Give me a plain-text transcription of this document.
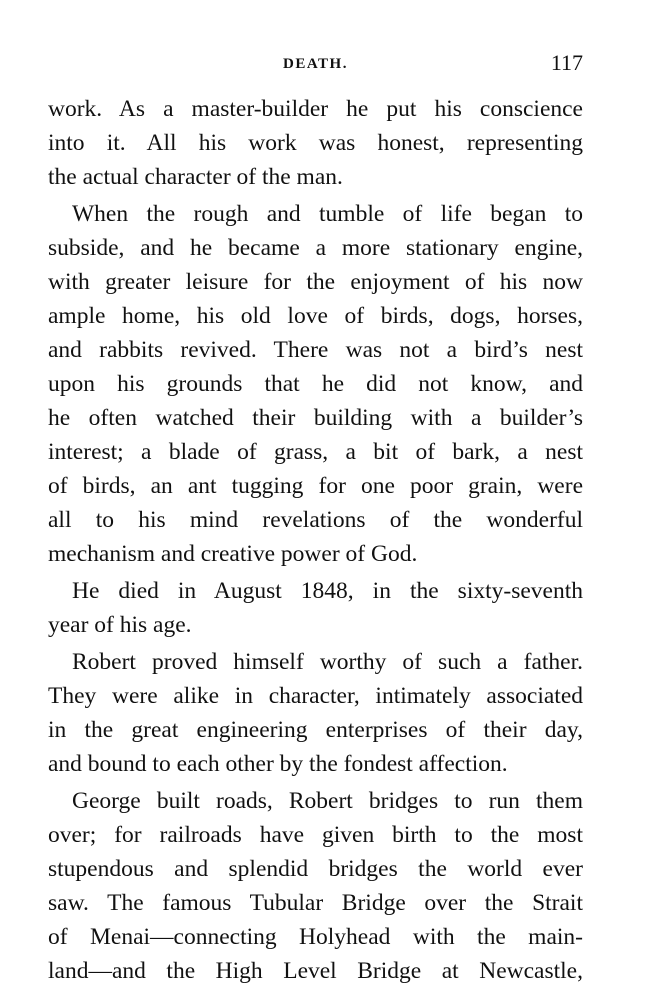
DEATH.	117
work. As a master-builder he put his conscience
into it. All his work was honest, representing
the actual character of the man.
When the rough and tumble of life began to
subside, and he became a more stationary engine,
with greater leisure for the enjoyment of his now
ample home, his old love of birds, dogs, horses,
and rabbits revived. There was not a bird’s nest
upon his grounds that he did not know, and
he often watched their building with a builder’s
interest; a blade of grass, a bit of bark, a nest
of birds, an ant tugging for one poor grain, were
all to his mind revelations of the wonderful
mechanism and creative power of God.
He died in August 1848, in the sixty-seventh
year of his age.
Robert proved himself worthy of such a father.
They were alike in character, intimately associated
in the great engineering enterprises of their day,
and bound to each other by the fondest affection.
George built roads, Robert bridges to run them
over; for railroads have given birth to the most
stupendous and splendid bridges the world ever
saw. The famous Tubular Bridge over the Strait
of Menai—connecting Holyhead with the main-
land—and the High Level Bridge at Newcastle,
